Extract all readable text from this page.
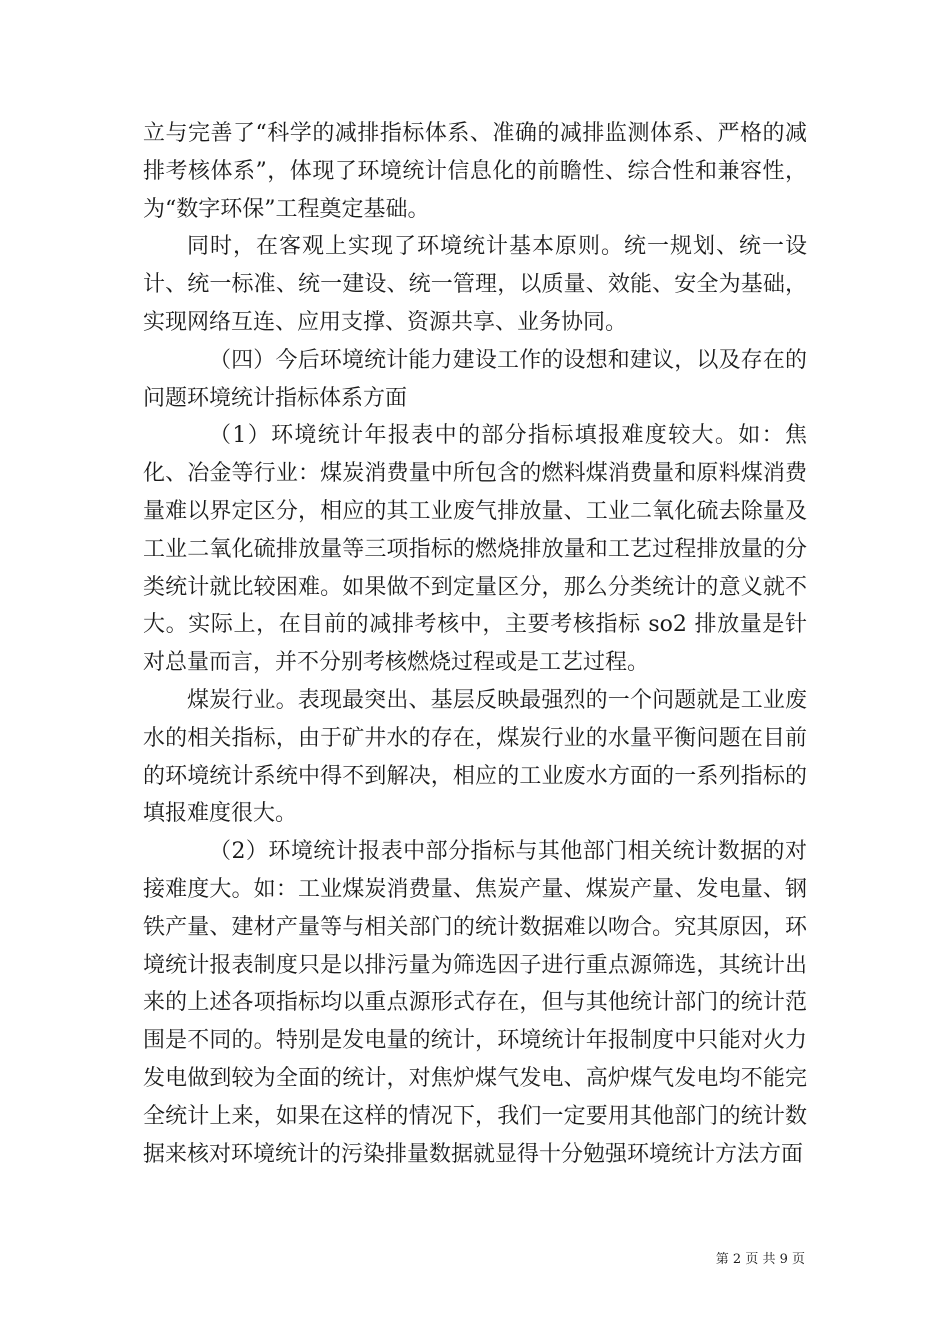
立与完善了“科学的减排指标体系、准确的减排监测体系、严格的减排考核体系”，体现了环境统计信息化的前瞻性、综合性和兼容性，为“数字环保”工程奠定基础。

同时，在客观上实现了环境统计基本原则。统一规划、统一设计、统一标准、统一建设、统一管理，以质量、效能、安全为基础，实现网络互连、应用支撑、资源共享、业务协同。

（四）今后环境统计能力建设工作的设想和建议，以及存在的问题环境统计指标体系方面

（1）环境统计年报表中的部分指标填报难度较大。如：焦化、冶金等行业：煤炭消费量中所包含的燃料煤消费量和原料煤消费量难以界定区分，相应的其工业废气排放量、工业二氧化硫去除量及工业二氧化硫排放量等三项指标的燃烧排放量和工艺过程排放量的分类统计就比较困难。如果做不到定量区分，那么分类统计的意义就不大。实际上，在目前的减排考核中，主要考核指标 so2 排放量是针对总量而言，并不分别考核燃烧过程或是工艺过程。

煤炭行业。表现最突出、基层反映最强烈的一个问题就是工业废水的相关指标，由于矿井水的存在，煤炭行业的水量平衡问题在目前的环境统计系统中得不到解决，相应的工业废水方面的一系列指标的填报难度很大。

（2）环境统计报表中部分指标与其他部门相关统计数据的对接难度大。如：工业煤炭消费量、焦炭产量、煤炭产量、发电量、钢铁产量、建材产量等与相关部门的统计数据难以吻合。究其原因，环境统计报表制度只是以排污量为筛选因子进行重点源筛选，其统计出来的上述各项指标均以重点源形式存在，但与其他统计部门的统计范围是不同的。特别是发电量的统计，环境统计年报制度中只能对火力发电做到较为全面的统计，对焦炉煤气发电、高炉煤气发电均不能完全统计上来，如果在这样的情况下，我们一定要用其他部门的统计数据来核对环境统计的污染排量数据就显得十分勉强环境统计方法方面

第 2 页 共 9 页
